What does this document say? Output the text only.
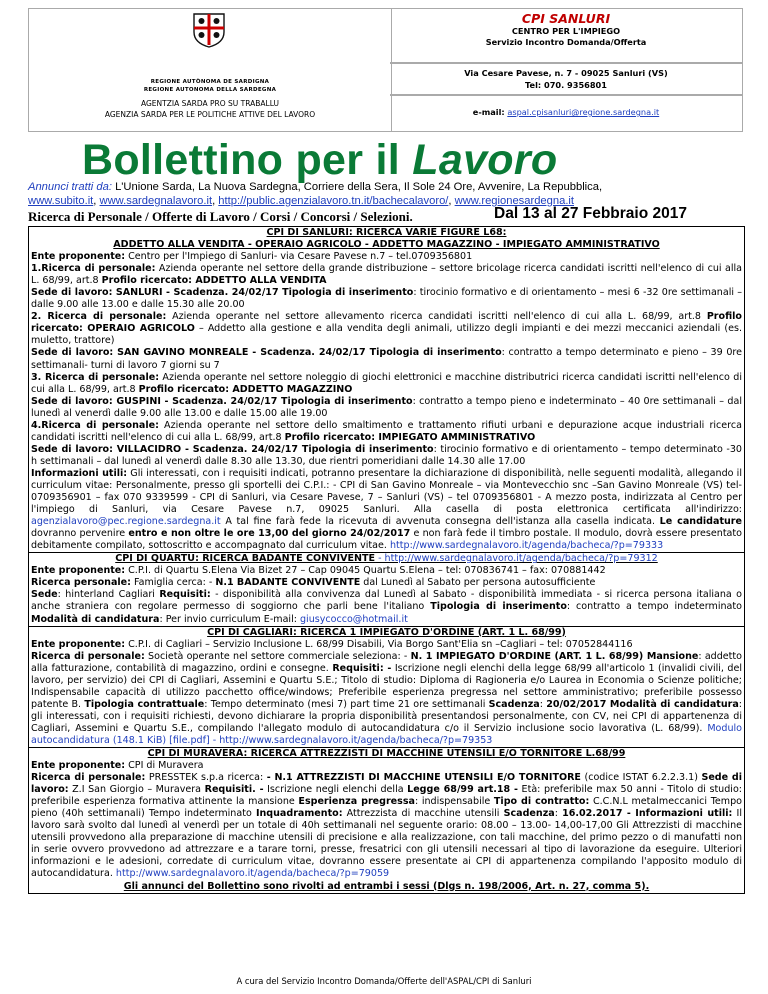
REGIONE AUTÒNOMA DE SARDIGNA
REGIONE AUTONOMA DELLA SARDEGNA
AGENTZIA SARDA PRO SU TRABALLU
AGENZIA SARDA PER LE POLITICHE ATTIVE DEL LAVORO
CPI SANLURI
CENTRO PER L'IMPIEGO
Servizio Incontro Domanda/Offerta
Via Cesare Pavese, n. 7 - 09025 Sanluri (VS)
Tel: 070. 9356801
e-mail: aspal.cpisanluri@regione.sardegna.it
Bollettino per il Lavoro
Annunci tratti da: L'Unione Sarda, La Nuova Sardegna, Corriere della Sera, Il Sole 24 Ore, Avvenire, La Repubblica,
www.subito.it, www.sardegnalavoro.it, http://public.agenzialavoro.tn.it/bachecalavoro/, www.regionesardegna.it
Ricerca di Personale / Offerte di Lavoro / Corsi / Concorsi / Selezioni.	Dal 13 al 27 Febbraio 2017
CPI DI SANLURI: RICERCA VARIE FIGURE L68:
ADDETTO ALLA VENDITA - OPERAIO AGRICOLO - ADDETTO MAGAZZINO - IMPIEGATO AMMINISTRATIVO

Ente proponente: Centro per l'Impiego di Sanluri- via Cesare Pavese n.7 – tel.0709356801

1.Ricerca di personale: Azienda operante nel settore della grande distribuzione – settore bricolage ricerca candidati iscritti nell'elenco di cui alla L. 68/99, art.8 Profilo ricercato: ADDETTO ALLA VENDITA

Sede di lavoro: SANLURI - Scadenza. 24/02/17 Tipologia di inserimento: tirocinio formativo e di orientamento – mesi 6 -32 0re settimanali – dalle 9.00 alle 13.00 e dalle 15.30 alle 20.00

2. Ricerca di personale: Azienda operante nel settore allevamento ricerca candidati iscritti nell'elenco di cui alla L. 68/99, art.8 Profilo ricercato: OPERAIO AGRICOLO – Addetto alla gestione e alla vendita degli animali, utilizzo degli impianti e dei mezzi meccanici aziendali (es. muletto, trattore)

Sede di lavoro: SAN GAVINO MONREALE - Scadenza. 24/02/17 Tipologia di inserimento: contratto a tempo determinato e pieno – 39 0re settimanali- turni di lavoro 7 giorni su 7

3. Ricerca di personale: Azienda operante nel settore noleggio di giochi elettronici e macchine distributrici ricerca candidati iscritti nell'elenco di cui alla L. 68/99, art.8 Profilo ricercato: ADDETTO MAGAZZINO

Sede di lavoro: GUSPINI - Scadenza. 24/02/17 Tipologia di inserimento: contratto a tempo pieno e indeterminato – 40 0re settimanali – dal lunedì al venerdì dalle 9.00 alle 13.00 e dalle 15.00 alle 19.00

4.Ricerca di personale: Azienda operante nel settore dello smaltimento e trattamento rifiuti urbani e depurazione acque industriali ricerca candidati iscritti nell'elenco di cui alla L. 68/99, art.8 Profilo ricercato: IMPIEGATO AMMINISTRATIVO

Sede di lavoro: VILLACIDRO - Scadenza. 24/02/17 Tipologia di inserimento: tirocinio formativo e di orientamento – tempo determinato -30 h settimanali – dal lunedì al venerdì dalle 8.30 alle 13.30, due rientri pomeridiani dalle 14.30 alle 17.00

Informazioni utili: Gli interessati, con i requisiti indicati, potranno presentare la dichiarazione di disponibilità, nelle seguenti modalità, allegando il curriculum vitae: Personalmente, presso gli sportelli dei C.P.I.: - CPI di San Gavino Monreale – via Montevecchio snc –San Gavino Monreale (VS) tel- 0709356901 – fax 070 9339599 - CPI di Sanluri, via Cesare Pavese, 7 – Sanluri (VS) – tel 0709356801 - A mezzo posta, indirizzata al Centro per l'impiego di Sanluri, via Cesare Pavese n.7, 09025 Sanluri. Alla casella di posta elettronica certificata all'indirizzo: agenzialavoro@pec.regione.sardegna.it A tal fine farà fede la ricevuta di avvenuta consegna dell'istanza alla casella indicata. Le candidature dovranno pervenire entro e non oltre le ore 13,00 del giorno 24/02/2017 e non farà fede il timbro postale. Il modulo, dovrà essere presentato debitamente compilato, sottoscritto e accompagnato dal curriculum vitae. http://www.sardegnalavoro.it/agenda/bacheca/?p=79333

CPI DI QUARTU: RICERCA BADANTE CONVIVENTE - http://www.sardegnalavoro.it/agenda/bacheca/?p=79312

Ente proponente: C.P.I. di Quartu S.Elena Via Bizet 27 – Cap 09045 Quartu S.Elena – tel: 070836741 – fax: 070881442

Ricerca personale: Famiglia cerca: - N.1 BADANTE CONVIVENTE dal Lunedì al Sabato per persona autosufficiente

Sede: hinterland Cagliari Requisiti: - disponibilità alla convivenza dal Lunedì al Sabato - disponibilità immediata - si ricerca persona italiana o anche straniera con regolare permesso di soggiorno che parli bene l'italiano Tipologia di inserimento: contratto a tempo indeterminato Modalità di candidatura: Per invio curriculum E-mail: giusycocco@hotmail.it

CPI DI CAGLIARI: RICERCA 1 IMPIEGATO D'ORDINE (ART. 1 L. 68/99)

Ente proponente: C.P.I. di Cagliari – Servizio Inclusione L. 68/99 Disabili, Via Borgo Sant'Elia sn –Cagliari – tel: 07052844116

Ricerca di personale: Società operante nel settore commerciale seleziona: - N. 1 IMPIEGATO D'ORDINE (ART. 1 L. 68/99) Mansione: addetto alla fatturazione, contabilità di magazzino, ordini e consegne. Requisiti: - Iscrizione negli elenchi della legge 68/99 all'articolo 1 (invalidi civili, del lavoro, per servizio) dei CPI di Cagliari, Assemini e Quartu S.E.; Titolo di studio: Diploma di Ragioneria e/o Laurea in Economia o Scienze politiche; Indispensabile capacità di utilizzo pacchetto office/windows; Preferibile esperienza pregressa nel settore amministrativo; preferibile possesso patente B. Tipologia contrattuale: Tempo determinato (mesi 7) part time 21 ore settimanali Scadenza: 20/02/2017 Modalità di candidatura: gli interessati, con i requisiti richiesti, devono dichiarare la propria disponibilità presentandosi personalmente, con CV, nei CPI di appartenenza di Cagliari, Assemini e Quartu S.E., compilando l'allegato modulo di autocandidatura c/o il Servizio inclusione socio lavorativa (L. 68/99). Modulo autocandidatura (148.1 KiB) [file.pdf] - http://www.sardegnalavoro.it/agenda/bacheca/?p=79353

CPI DI MURAVERA: RICERCA ATTREZZISTI DI MACCHINE UTENSILI E/O TORNITORE L.68/99

Ente proponente: CPI di Muravera

Ricerca di personale: PRESSTEK s.p.a ricerca: - N.1 ATTREZZISTI DI MACCHINE UTENSILI E/O TORNITORE (codice ISTAT 6.2.2.3.1) Sede di lavoro: Z.I San Giorgio – Muravera Requisiti. - Iscrizione negli elenchi della Legge 68/99 art.18 - Età: preferibile max 50 anni - Titolo di studio: preferibile esperienza formativa attinente la mansione Esperienza pregressa: indispensabile Tipo di contratto: C.C.N.L metalmeccanici Tempo pieno (40h settimanali) Tempo indeterminato Inquadramento: Attrezzista di macchine utensili Scadenza: 16.02.2017 - Informazioni utili: Il lavoro sarà svolto dal lunedì al venerdì per un totale di 40h settimanali nel seguente orario: 08.00 – 13.00- 14,00-17,00 Gli Attrezzisti di macchine utensili provvedono alla preparazione di macchine utensili di precisione e alla realizzazione, con tali macchine, del primo pezzo o di manufatti non in serie ovvero provvedono ad attrezzare e a tarare torni, presse, fresatrici con gli utensili necessari al tipo di lavorazione da eseguire. Ulteriori informazioni e le adesioni, corredate di curriculum vitae, dovranno essere presentate ai CPI di appartenenza compilando l'apposito modulo di autocandidatura. http://www.sardegnalavoro.it/agenda/bacheca/?p=79059

Gli annunci del Bollettino sono rivolti ad entrambi i sessi (Dlgs n. 198/2006, Art. n. 27, comma 5).
A cura del Servizio Incontro Domanda/Offerte dell'ASPAL/CPI di Sanluri
